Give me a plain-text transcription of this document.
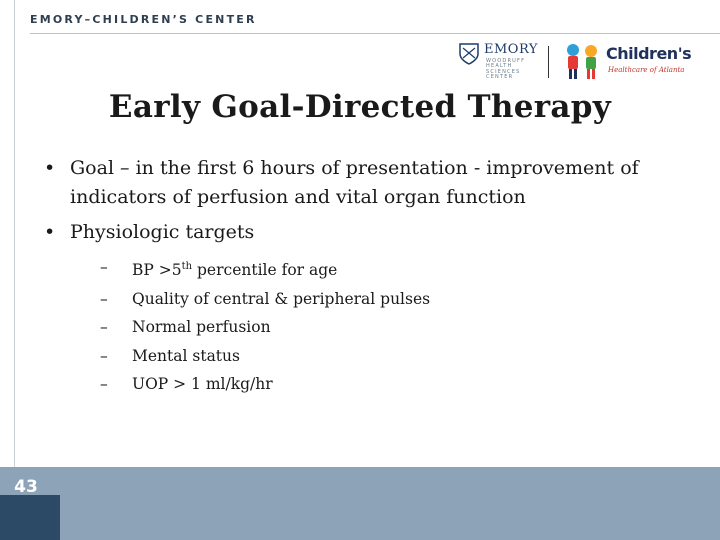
EMORY–CHILDREN’S CENTER
EMORY
WOODRUFF
HEALTH
SCIENCES
CENTER
Children's
Healthcare of Atlanta
Early Goal-Directed Therapy
• Goal – in the first 6 hours of presentation - improvement of indicators of perfusion and vital organ function
• Physiologic targets
– BP >5th percentile for age
– Quality of central & peripheral pulses
– Normal perfusion
– Mental status
– UOP > 1 ml/kg/hr
43
